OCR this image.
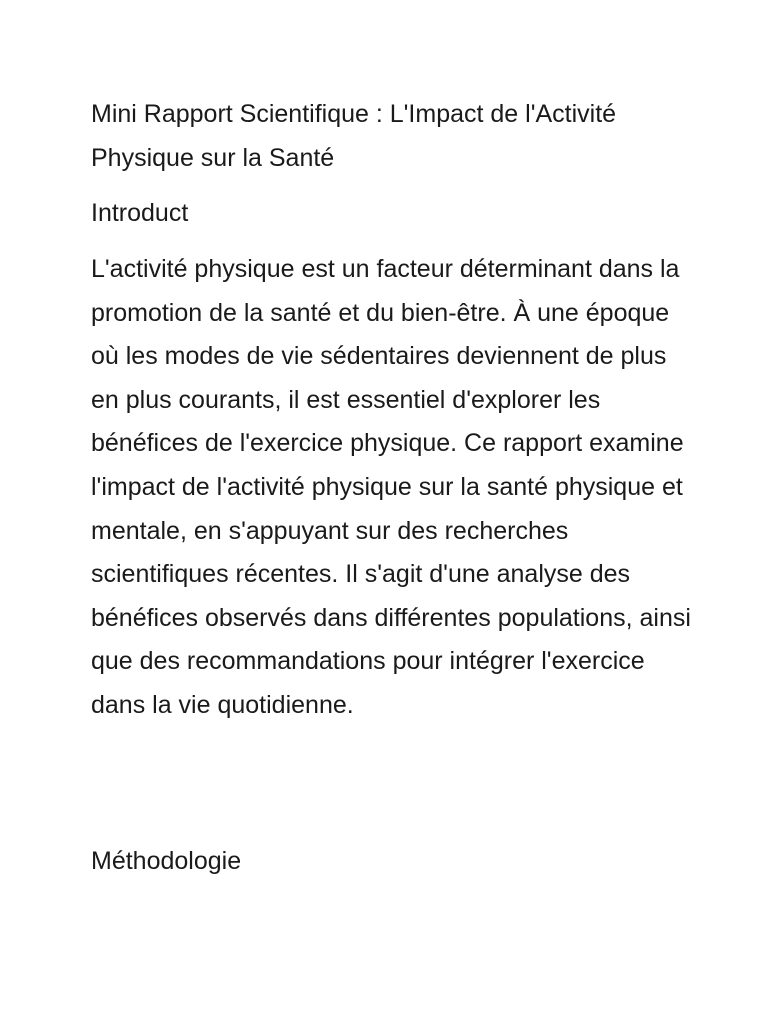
Mini Rapport Scientifique : L'Impact de l'Activité Physique sur la Santé
Introduct

L'activité physique est un facteur déterminant dans la promotion de la santé et du bien-être. À une époque où les modes de vie sédentaires deviennent de plus en plus courants, il est essentiel d'explorer les bénéfices de l'exercice physique. Ce rapport examine l'impact de l'activité physique sur la santé physique et mentale, en s'appuyant sur des recherches scientifiques récentes. Il s'agit d'une analyse des bénéfices observés dans différentes populations, ainsi que des recommandations pour intégrer l'exercice dans la vie quotidienne.

Méthodologie
